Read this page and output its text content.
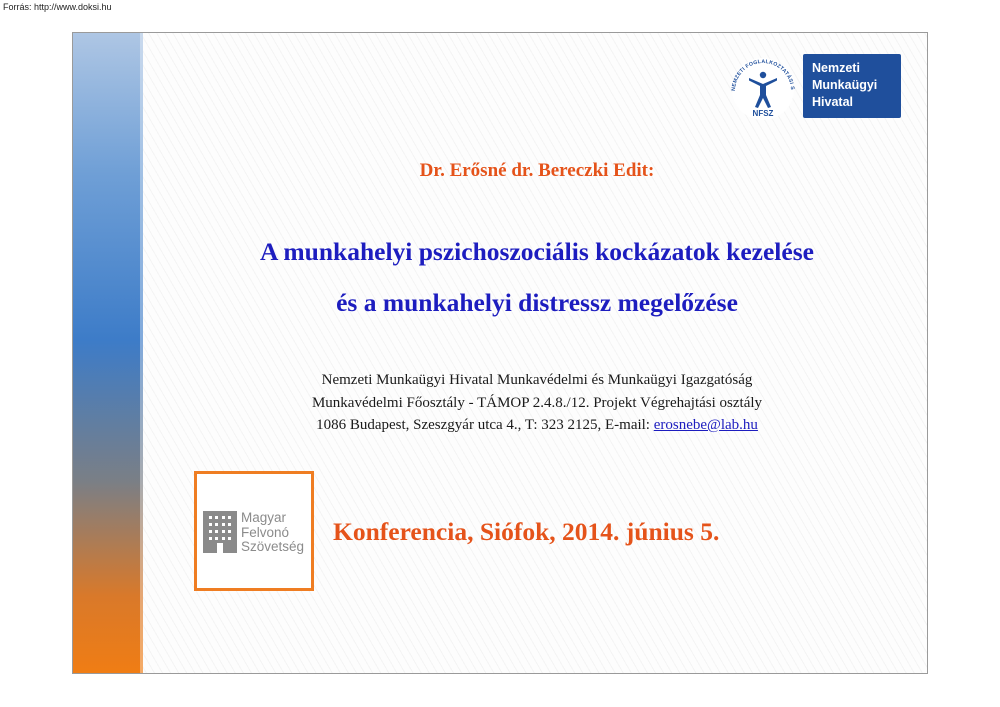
Forrás: http://www.doksi.hu
NEMZETI FOGLALKOZTATÁSI S
NFSZ
Nemzeti
Munkaügyi
Hivatal
Dr. Erősné dr. Bereczki Edit:
A munkahelyi pszichoszociális kockázatok kezelése
és a munkahelyi distressz megelőzése
Nemzeti Munkaügyi Hivatal Munkavédelmi és Munkaügyi Igazgatóság
Munkavédelmi Főosztály - TÁMOP 2.4.8./12. Projekt Végrehajtási osztály
1086 Budapest, Szeszgyár utca 4., T: 323 2125, E-mail: erosnebe@lab.hu
Magyar
Felvonó
Szövetség
Konferencia, Siófok, 2014. június 5.
